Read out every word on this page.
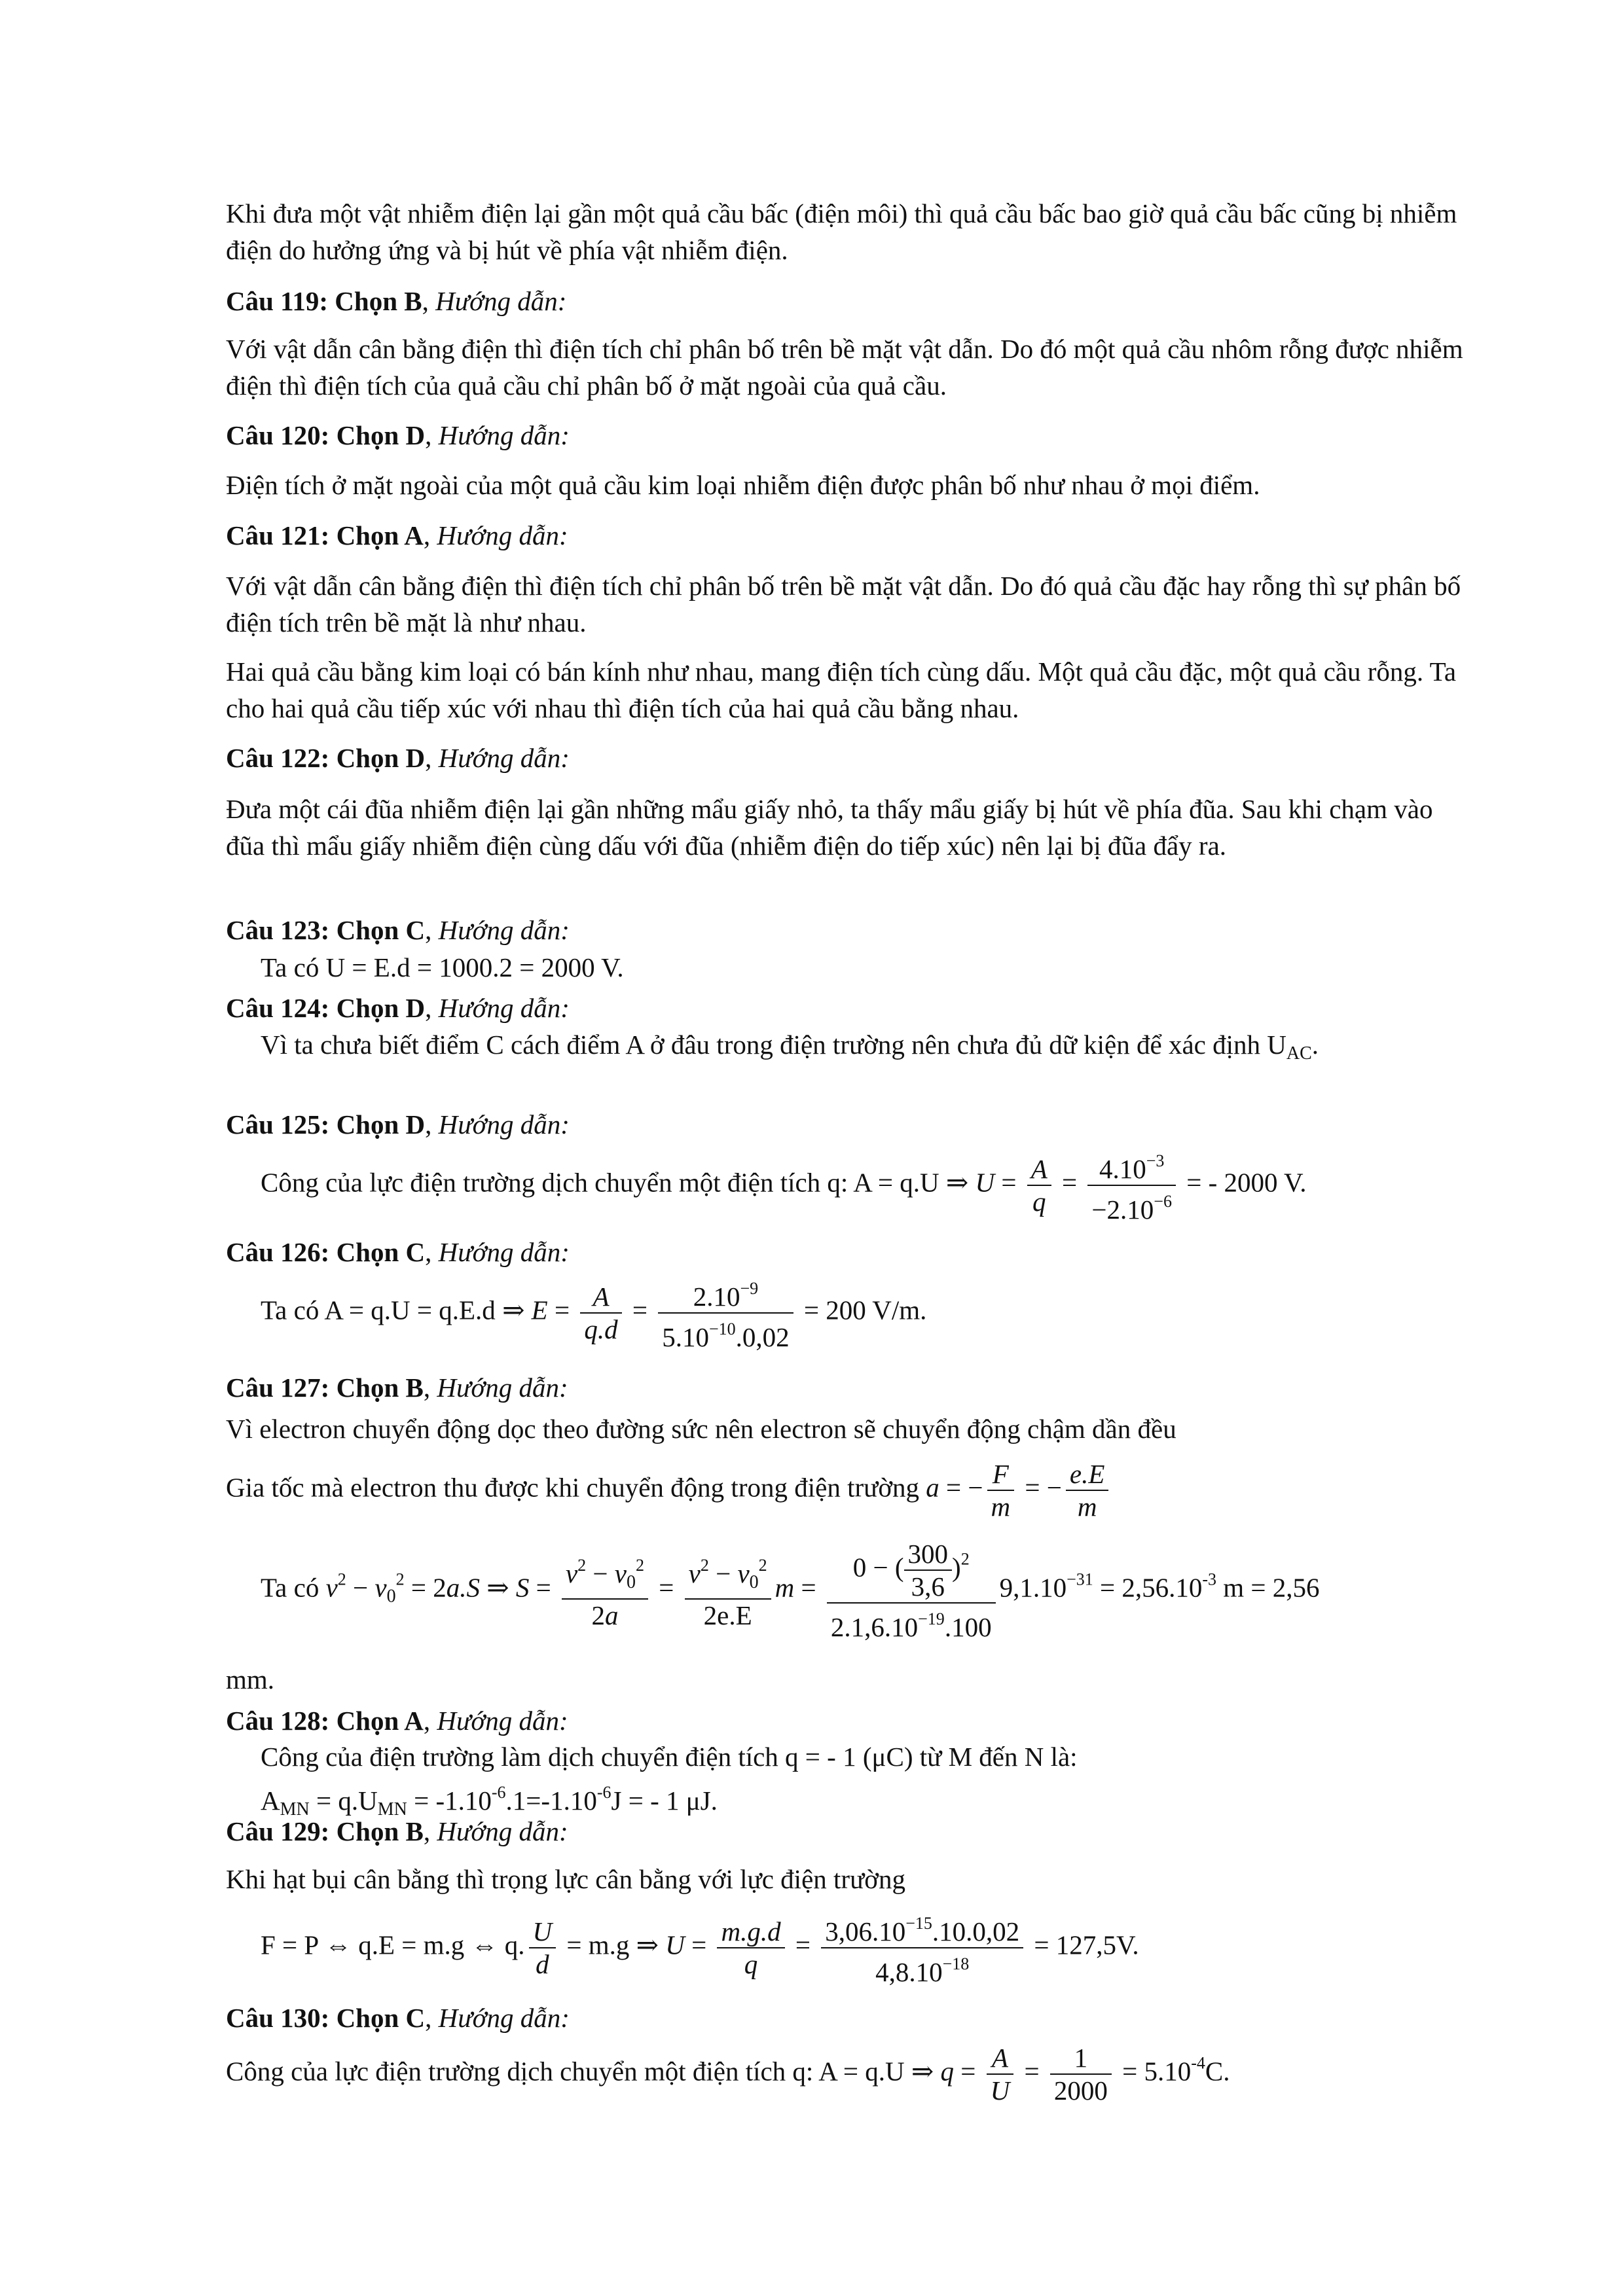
Khi đưa một vật nhiễm điện lại gần một quả cầu bấc (điện môi) thì quả cầu bấc bao giờ quả cầu bấc cũng bị nhiễm điện do hưởng ứng và bị hút về phía vật nhiễm điện.

Câu 119: Chọn B, Hướng dẫn:

Với vật dẫn cân bằng điện thì điện tích chỉ phân bố trên bề mặt vật dẫn. Do đó một quả cầu nhôm rỗng được nhiễm điện thì điện tích của quả cầu chỉ phân bố ở mặt ngoài của quả cầu.

Câu 120: Chọn D, Hướng dẫn:

Điện tích ở mặt ngoài của một quả cầu kim loại nhiễm điện được phân bố như nhau ở mọi điểm.

Câu 121: Chọn A, Hướng dẫn:

Với vật dẫn cân bằng điện thì điện tích chỉ phân bố trên bề mặt vật dẫn. Do đó quả cầu đặc hay rỗng thì sự phân bố điện tích trên bề mặt là như nhau.

Hai quả cầu bằng kim loại có bán kính như nhau, mang điện tích cùng dấu. Một quả cầu đặc, một quả cầu rỗng. Ta cho hai quả cầu tiếp xúc với nhau thì điện tích của hai quả cầu bằng nhau.

Câu 122: Chọn D, Hướng dẫn:

Đưa một cái đũa nhiễm điện lại gần những mẩu giấy nhỏ, ta thấy mẩu giấy bị hút về phía đũa. Sau khi chạm vào đũa thì mẩu giấy nhiễm điện cùng dấu với đũa (nhiễm điện do tiếp xúc) nên lại bị đũa đẩy ra.

Câu 123: Chọn C, Hướng dẫn:

Ta có U = E.d = 1000.2 = 2000 V.

Câu 124: Chọn D, Hướng dẫn:

Vì ta chưa biết điểm C cách điểm A ở đâu trong điện trường nên chưa đủ dữ kiện để xác định $U_{AC}$.

Câu 125: Chọn D, Hướng dẫn:

Công của lực điện trường dịch chuyển một điện tích q: A = q.U ⇒ $U = \frac{A}{q} = \frac{4.10^{-3}}{-2.10^{-6}}$ = - 2000 V.

Câu 126: Chọn C, Hướng dẫn:

Ta có A = q.U = q.E.d ⇒ $E = \frac{A}{q.d} = \frac{2.10^{-9}}{5.10^{-10}.0,02} = 200$ V/m.

Câu 127: Chọn B, Hướng dẫn:

Vì electron chuyển động dọc theo đường sức nên electron sẽ chuyển động chậm dần đều

Gia tốc mà electron thu được khi chuyển động trong điện trường a = − $\frac{F}{m}$ = − $\frac{e.E}{m}$
Ta có $v^2 - v_0^2 = 2a.S$ ⇒ $S = \frac{v^2 - v_0^2}{2a} = \frac{v^2 - v_0^2}{2e.E}$ $m = \frac{0 - ( \frac{300}{3,6} )^2}{2.1,6.10^{-19}.100} 9,1.10^{-31} = 2,56.10^{-3}$ m = 2,56

mm.

Câu 128: Chọn A, Hướng dẫn:

Công của điện trường làm dịch chuyển điện tích q = - 1 (μC) từ M đến N là:

$A_{MN} = q.U_{MN} = -1.10^{-6}.1=-1.10^{-6}J$ = - 1 μJ.

Câu 129: Chọn B, Hướng dẫn:

Khi hạt bụi cân bằng thì trọng lực cân bằng với lực điện trường

F = P ⇔ q.E = m.g ⇔ q. $\frac{U}{d} = m.g$ ⇒ $U = \frac{m.g.d}{q} = \frac{3,06.10^{-15}.10.0,02}{4,8.10^{-18}} = 127,5V$.

Câu 130: Chọn C, Hướng dẫn:

Công của lực điện trường dịch chuyển một điện tích q: A = q.U ⇒ $q = \frac{A}{U} = \frac{1}{2000} = 5.10^{-4}C$.
